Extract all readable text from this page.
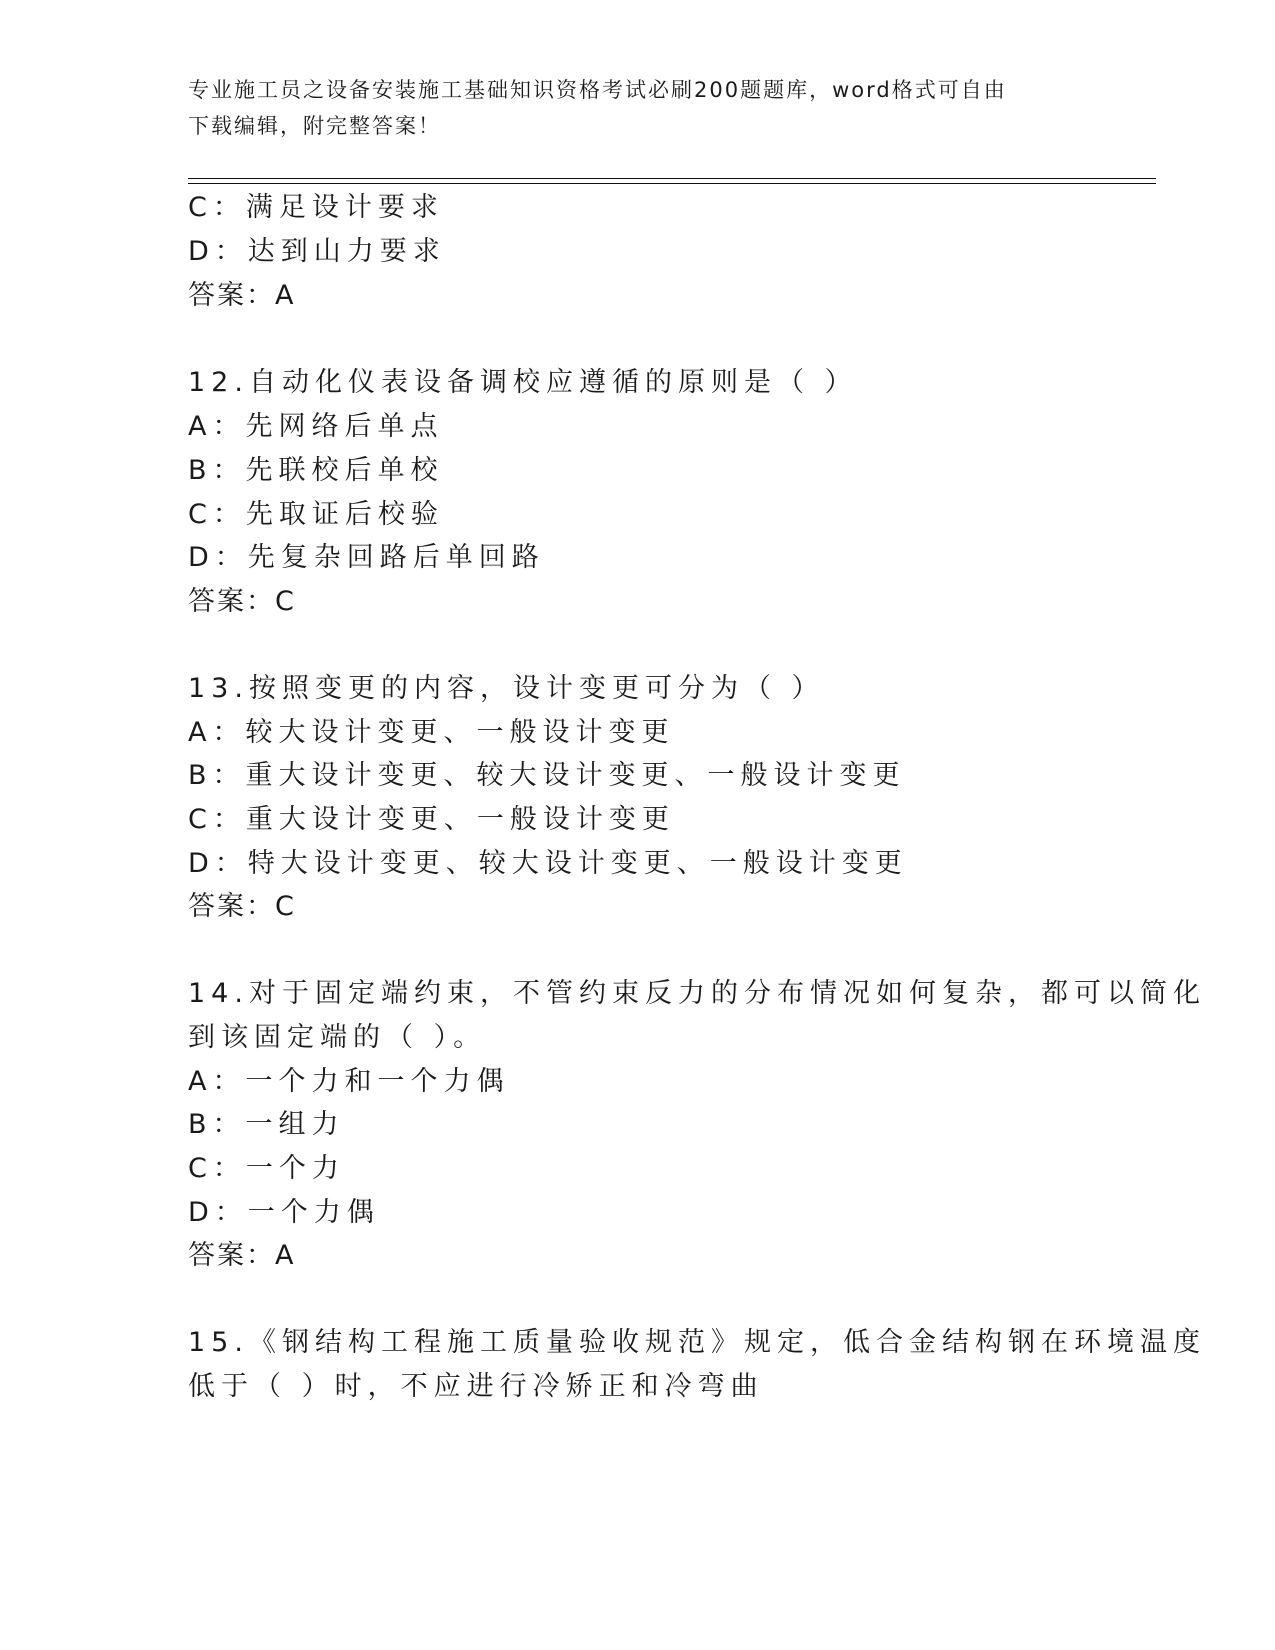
专业施工员之设备安装施工基础知识资格考试必刷200题题库，word格式可自由
下载编辑，附完整答案！
C：满足设计要求
D：达到山力要求
答案：A
12.自动化仪表设备调校应遵循的原则是（ ）
A：先网络后单点
B：先联校后单校
C：先取证后校验
D：先复杂回路后单回路
答案：C
13.按照变更的内容，设计变更可分为（ ）
A：较大设计变更、一般设计变更
B：重大设计变更、较大设计变更、一般设计变更
C：重大设计变更、一般设计变更
D：特大设计变更、较大设计变更、一般设计变更
答案：C
14.对于固定端约束，不管约束反力的分布情况如何复杂，都可以简化
到该固定端的（ ）。
A：一个力和一个力偶
B：一组力
C：一个力
D：一个力偶
答案：A
15.《钢结构工程施工质量验收规范》规定，低合金结构钢在环境温度
低于（ ）时，不应进行冷矫正和冷弯曲
